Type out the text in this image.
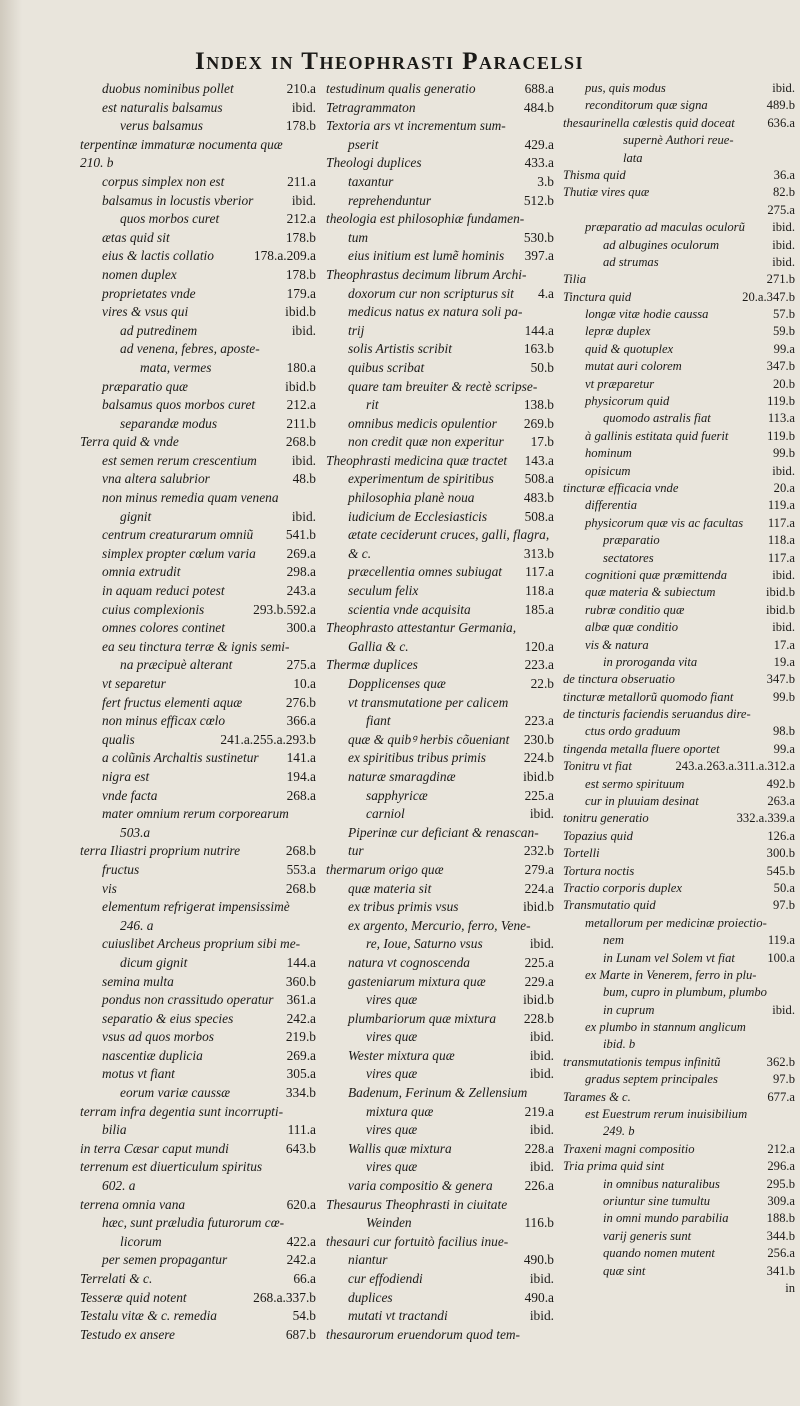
Index in Theophrasti Paracelsi
duobus nominibus pollet	210.a
est naturalis balsamus	ibid.
verus balsamus	178.b
terpentinæ immaturæ nocumenta quæ
210. b
corpus simplex non est	211.a
balsamus in locustis vberior	ibid.
quos morbos curet	212.a
ætas quid sit	178.b
eius & lactis collatio	178.a.209.a
nomen duplex	178.b
proprietates vnde	179.a
vires & vsus qui	ibid.b
ad putredinem	ibid.
ad venena, febres, aposte-
mata, vermes	180.a
præparatio quæ	ibid.b
balsamus quos morbos curet 212.a
separandæ modus	211.b
Terra quid & vnde	268.b
est semen rerum crescentium	ibid.
vna altera salubrior	48.b
non minus remedia quam venena
gignit	ibid.
centrum creaturarum omniũ 541.b
simplex propter cœlum varia 269.a
omnia extrudit	298.a
in aquam reduci potest	243.a
cuius complexionis	293.b.592.a
omnes colores continet	300.a
ea seu tinctura terræ & ignis semi-
na præcipuè alterant	275.a
vt separetur	10.a
fert fructus elementi aquæ	276.b
non minus efficax cœlo	366.a
qualis	241.a.255.a.293.b
a colũnis Archaltis sustinetur 141.a
nigra est	194.a
vnde facta	268.a
mater omnium rerum corporearum
503.a
terra Iliastri proprium nutrire	268.b
fructus	553.a
vis	268.b
elementum refrigerat impensissimè
246. a
cuiuslibet Archeus proprium sibi me-
dicum gignit	144.a
semina multa	360.b
pondus non crassitudo operatur 361.a
separatio & eius species	242.a
vsus ad quos morbos	219.b
nascentiæ duplicia	269.a
motus vt fiant	305.a
eorum variæ caussæ	334.b
terram infra degentia sunt incorrupti-
bilia	111.a
in terra Cæsar caput mundi	643.b
terrenum est diuerticulum spiritus
602. a
terrena omnia vana	620.a
hæc, sunt præludia futurorum cœ-
licorum	422.a
per semen propagantur	242.a
Terrelati & c.	66.a
Tesseræ quid notent	268.a.337.b
Testalu vitæ & c. remedia	54.b
Testudo ex ansere	687.b
testudinum qualis generatio	688.a
Tetragrammaton	484.b
Textoria ars vt incrementum sum-
pserit	429.a
Theologi duplices	433.a
taxantur	3.b
reprehenduntur	512.b
theologia est philosophiæ fundamen-
tum	530.b
eius initium est lumẽ hominis 397.a
Theophrastus decimum librum Archi-
doxorum cur non scripturus sit 4.a
medicus natus ex natura soli pa-
trij	144.a
solis Artistis scribit	163.b
quibus scribat	50.b
quare tam breuiter & rectè scripse-
rit	138.b
omnibus medicis opulentior 269.b
non credit quæ non experitur 17.b
Theophrasti medicina quæ tractet 143.a
experimentum de spiritibus 508.a
philosophia planè noua	483.b
iudicium de Ecclesiasticis	508.a
ætate ceciderunt cruces, galli, flagra,
& c.	313.b
præcellentia omnes subiugat 117.a
seculum felix	118.a
scientia vnde acquisita	185.a
Theophrasto attestantur Germania,
Gallia & c.	120.a
Thermæ duplices	223.a
Dopplicenses quæ	22.b
vt transmutatione per calicem
fiant	223.a
quæ & quibꝰ herbis cõueniant 230.b
ex spiritibus tribus primis	224.b
naturæ smaragdinæ	ibid.b
sapphyricæ	225.a
carniol	ibid.
Piperinæ cur deficiant & renascan-
tur	232.b
thermarum origo quæ	279.a
quæ materia sit	224.a
ex tribus primis vsus	ibid.b
ex argento, Mercurio, ferro, Vene-
re, Ioue, Saturno vsus	ibid.
natura vt cognoscenda	225.a
gasteniarum mixtura quæ	229.a
vires quæ	ibid.b
plumbariorum quæ mixtura 228.b
vires quæ	ibid.
Wester mixtura quæ	ibid.
vires quæ	ibid.
Badenum, Ferinum & Zellensium
mixtura quæ	219.a
vires quæ	ibid.
Wallis quæ mixtura	228.a
vires quæ	ibid.
varia compositio & genera 226.a
Thesaurus Theophrasti in ciuitate
Weinden	116.b
thesauri cur fortuitò facilius inue-
niantur	490.b
cur effodiendi	ibid.
duplices	490.a
mutati vt tractandi	ibid.
thesaurorum eruendorum quod tem-
pus, quis modus	ibid.
reconditorum quæ signa	489.b
thesaurinella cœlestis quid doceat	636.a
supernè Authori reue-
lata
Thisma quid	36.a
Thutiæ vires quæ	82.b
275.a
præparatio ad maculas oculorũ ibid.
ad albugines oculorum	ibid.
ad strumas	ibid.
Tilia	271.b
Tinctura quid	20.a.347.b
longæ vitæ hodie caussa	57.b
lepræ duplex	59.b
quid & quotuplex	99.a
mutat auri colorem	347.b
vt præparetur	20.b
physicorum quid	119.b
quomodo astralis fiat	113.a
à gallinis estitata quid fuerit	119.b
hominum	99.b
opisicum	ibid.
tincturæ efficacia vnde	20.a
differentia	119.a
physicorum quæ vis ac facultas 117.a
præparatio	118.a
sectatores	117.a
cognitioni quæ præmittenda	ibid.
quæ materia & subiectum	ibid.b
rubræ conditio quæ	ibid.b
albæ quæ conditio	ibid.
vis & natura	17.a
in proroganda vita	19.a
de tinctura obseruatio	347.b
tincturæ metallorũ quomodo fiant	99.b
de tincturis faciendis seruandus dire-
ctus ordo graduum	98.b
tingenda metalla fluere oportet	99.a
Tonitru vt fiat	243.a.263.a.311.a.312.a
est sermo spirituum	492.b
cur in pluuiam desinat	263.a
tonitru generatio	332.a.339.a
Topazius quid	126.a
Tortelli	300.b
Tortura noctis	545.b
Tractio corporis duplex	50.a
Transmutatio quid	97.b
metallorum per medicinæ proiectio-
nem	119.a
in Lunam vel Solem vt fiat	100.a
ex Marte in Venerem, ferro in plu-
bum, cupro in plumbum, plumbo
in cuprum	ibid.
ex plumbo in stannum anglicum
ibid. b
transmutationis tempus infinitũ	362.b
gradus septem principales	97.b
Tarames & c.	677.a
est Euestrum rerum inuisibilium
249. b
Traxeni magni compositio	212.a
Tria prima quid sint	296.a
in omnibus naturalibus	295.b
oriuntur sine tumultu	309.a
in omni mundo parabilia	188.b
varij generis sunt	344.b
quando nomen mutent	256.a
quæ sint	341.b
in
